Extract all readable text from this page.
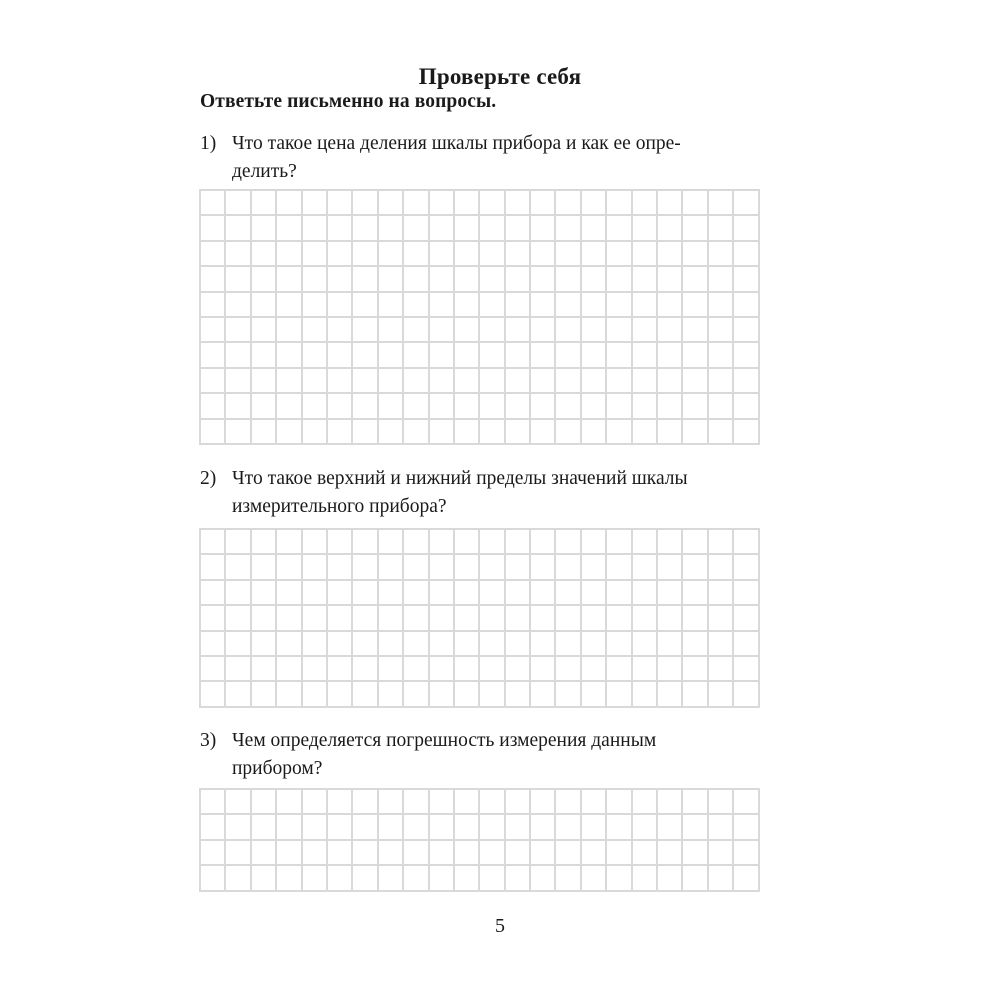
Проверьте себя
Ответьте письменно на вопросы.
1) Что такое цена деления шкалы прибора и как ее опре-
делить?
2) Что такое верхний и нижний пределы значений шкалы
измерительного прибора?
3) Чем определяется погрешность измерения данным
прибором?
5
